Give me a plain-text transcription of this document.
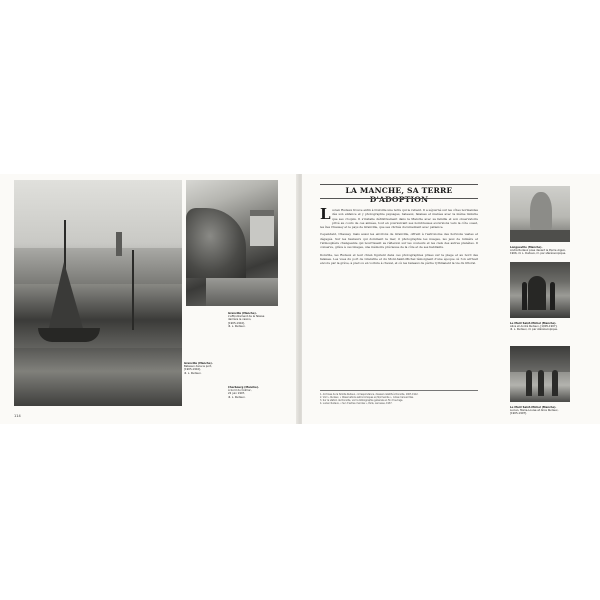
Granville (Manche).
Bateaux dans le port,
[1905-1910],
ill. L. Rudaux.
Granville (Manche).
L'effondrement de la falaise
derrière le casino,
[1905-1910],
ill. L. Rudaux.
Cherbourg (Manche).
À bord du Colmar,
22 juin 1907,
ill. L. Rudaux.
114
LA MANCHE, SA TERRE D'ADOPTION

Lucien Rudaux trouve enfin à Donville une terre qui le retient. Il a séjourné sur les côtes normandes dès son enfance et y photographie paysages, bateaux, falaises et marées avec la même minutie que ses croquis. Il s'installe définitivement dans la Manche avec sa famille et son observatoire privé au cours de ces années, tout en poursuivant ses nombreuses excursions vers la côte ouest, les îles Chausey et le pays de Granville, que ses clichés documentent avec patience.

Cependant, Chausey, mais aussi les environs de Granville, offrent à l'astronome des horizons vastes et dégagés. Sur les hauteurs qui dominent la mer, il photographie les nuages, les jeux de lumière et l'atmosphère changeante qui nourrissent sa réflexion sur les couleurs et les ciels des autres planètes. Il conserve, grâce à ces images, une mémoire précieuse de la côte et de ses habitants.

Donville, les Rudaux et leur chien figurent dans ces photographies prises sur la plage et au bord des falaises. Les vues du port de Granville et du Mont-Saint-Michel témoignent d'une époque où l'on arrivait encore par la grève, à pied ou en voiture à cheval, et où les bateaux de pêche rythmaient la vie du littoral.

1. Archives de la famille Rudaux, correspondance, dossiers relatifs à Donville, 1907-1912.
2. Voir L. Rudaux, « Observations astronomiques en Normandie », notes manuscrites.
3. Sur la station de Donville, voir la bibliographie générale en fin d'ouvrage.
4. Lucien Rudaux, « Sur d'autres mondes », Paris, Larousse, 1937.
Longueville (Manche).
André Rudaux pose devant le Pierre Aiguë,
1906, ill. L. Rudaux, ill. par stéréoscopique.
Le Mont Saint-Michel (Manche).
Alice et André Rudaux, [1905-1907],
ill. L. Rudaux, ill. par stéréoscopique.
Le Mont Saint-Michel (Manche).
Lucien, Marie-Louise et Alice Rudaux,
[1905-1907].
